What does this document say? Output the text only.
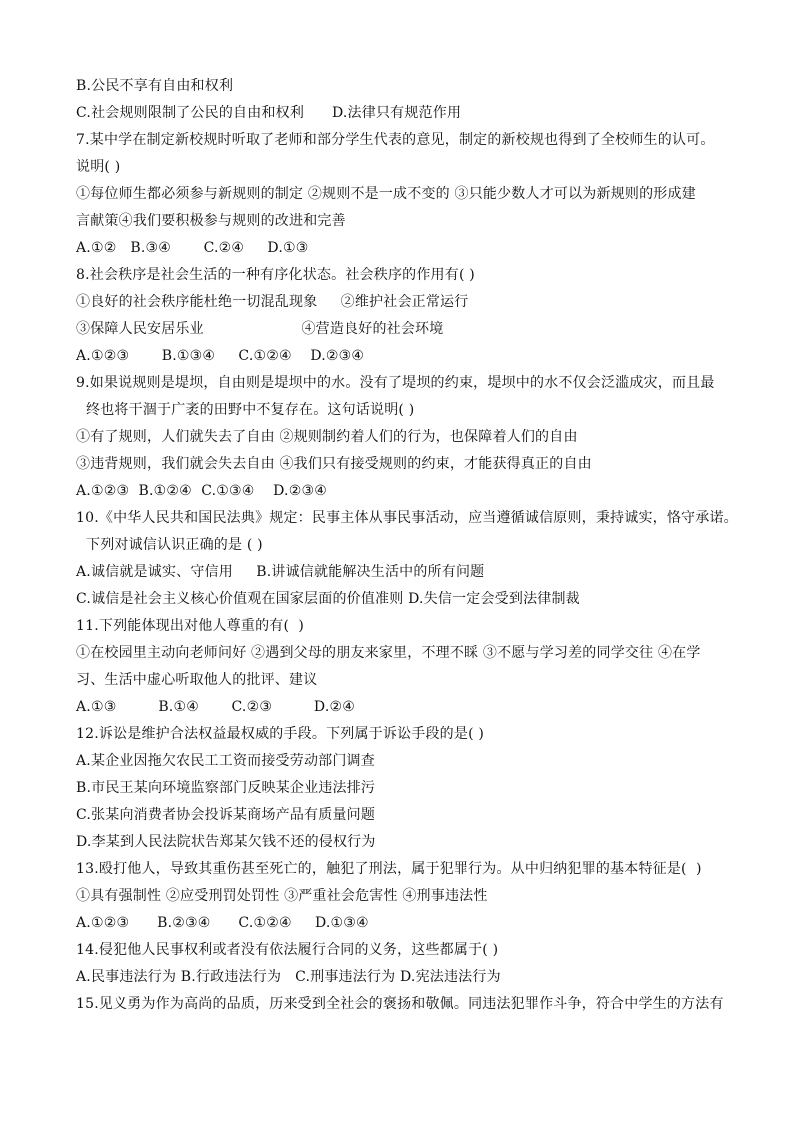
B.公民不享有自由和权利
C.社会规则限制了公民的自由和权利      D.法律只有规范作用
7.某中学在制定新校规时听取了老师和部分学生代表的意见，制定的新校规也得到了全校师生的认可。
说明( )
①每位师生都必须参与新规则的制定 ②规则不是一成不变的 ③只能少数人才可以为新规则的形成建
言献策④我们要积极参与规则的改进和完善
A.①②   B.③④       C.②④     D.①③
8.社会秩序是社会生活的一种有序化状态。社会秩序的作用有( )
①良好的社会秩序能杜绝一切混乱现象     ②维护社会正常运行
③保障人民安居乐业                     ④营造良好的社会环境
A.①②③       B.①③④     C.①②④    D.②③④
9.如果说规则是堤坝，自由则是堤坝中的水。没有了堤坝的约束，堤坝中的水不仅会泛滥成灾，而且最
终也将干涸于广袤的田野中不复存在。这句话说明( )
①有了规则，人们就失去了自由 ②规则制约着人们的行为，也保障着人们的自由
③违背规则，我们就会失去自由 ④我们只有接受规则的约束，才能获得真正的自由
A.①②③  B.①②④  C.①③④    D.②③④
10.《中华人民共和国民法典》规定：民事主体从事民事活动，应当遵循诚信原则，秉持诚实，恪守承诺。
下列对诚信认识正确的是 ( )
A.诚信就是诚实、守信用     B.讲诚信就能解决生活中的所有问题
C.诚信是社会主义核心价值观在国家层面的价值准则 D.失信一定会受到法律制裁
11.下列能体现出对他人尊重的有(  )
①在校园里主动向老师问好 ②遇到父母的朋友来家里，不理不睬 ③不愿与学习差的同学交往 ④在学
习、生活中虚心听取他人的批评、建议
A.①③         B.①④       C.②③         D.②④
12.诉讼是维护合法权益最权威的手段。下列属于诉讼手段的是( )
A.某企业因拖欠农民工工资而接受劳动部门调查
B.市民王某向环境监察部门反映某企业违法排污
C.张某向消费者协会投诉某商场产品有质量问题
D.李某到人民法院状告郑某欠钱不还的侵权行为
13.殴打他人，导致其重伤甚至死亡的，触犯了刑法，属于犯罪行为。从中归纳犯罪的基本特征是(  )
①具有强制性 ②应受刑罚处罚性 ③严重社会危害性 ④刑事违法性
A.①②③      B.②③④      C.①②④     D.①③④
14.侵犯他人民事权利或者没有依法履行合同的义务，这些都属于( )
A.民事违法行为 B.行政违法行为   C.刑事违法行为 D.宪法违法行为
15.见义勇为作为高尚的品质，历来受到全社会的褒扬和敬佩。同违法犯罪作斗争，符合中学生的方法有
